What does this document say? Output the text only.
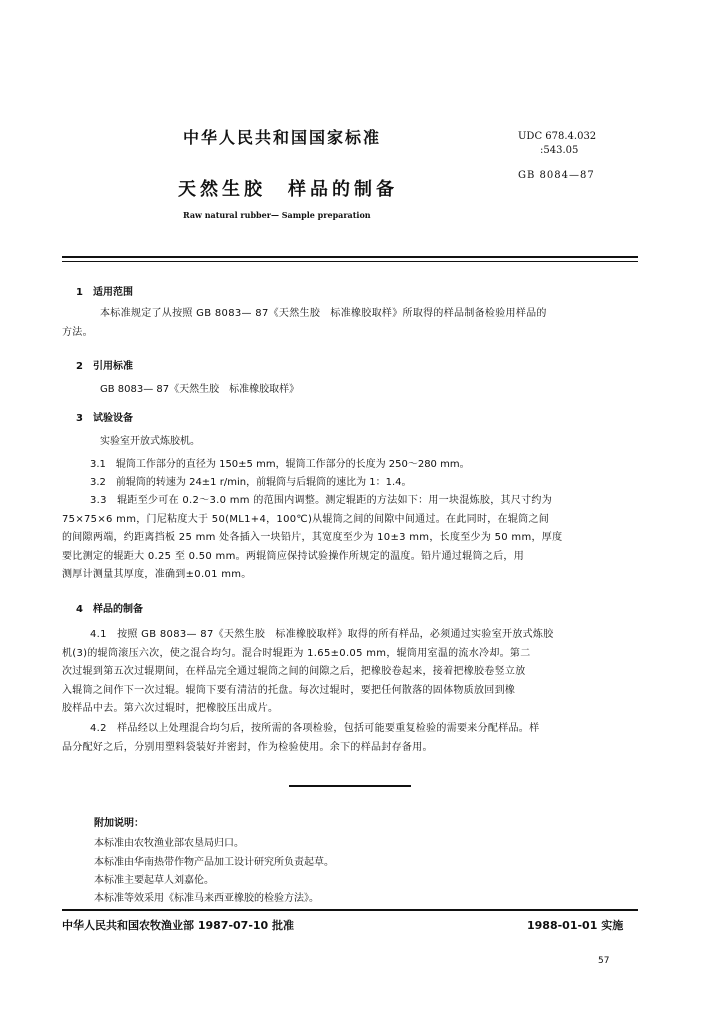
中华人民共和国国家标准	UDC 678.4.032
:543.05
GB 8084—87
天然生胶　样品的制备
Raw natural rubber— Sample preparation
1　适用范围
本标准规定了从按照 GB 8083— 87《天然生胶　标准橡胶取样》所取得的样品制备检验用样品的
方法。
2　引用标准
GB 8083— 87《天然生胶　标准橡胶取样》
3　试验设备
实验室开放式炼胶机。
3.1　辊筒工作部分的直径为 150±5 mm，辊筒工作部分的长度为 250～280 mm。
3.2　前辊筒的转速为 24±1 r/min，前辊筒与后辊筒的速比为 1：1.4。
3.3　辊距至少可在 0.2～3.0 mm 的范围内调整。测定辊距的方法如下：用一块混炼胶，其尺寸约为
75×75×6 mm，门尼粘度大于 50(ML1+4，100℃)从辊筒之间的间隙中间通过。在此同时，在辊筒之间
的间隙两端，约距离挡板 25 mm 处各插入一块铅片，其宽度至少为 10±3 mm，长度至少为 50 mm，厚度
要比测定的辊距大 0.25 至 0.50 mm。两辊筒应保持试验操作所规定的温度。铅片通过辊筒之后，用
测厚计测量其厚度，准确到±0.01 mm。
4　样品的制备
4.1　按照 GB 8083— 87《天然生胶　标准橡胶取样》取得的所有样品，必须通过实验室开放式炼胶
机(3)的辊筒滚压六次，使之混合均匀。混合时辊距为 1.65±0.05 mm，辊筒用室温的流水冷却。第二
次过辊到第五次过辊期间，在样品完全通过辊筒之间的间隙之后，把橡胶卷起来，接着把橡胶卷竖立放
入辊筒之间作下一次过辊。辊筒下要有清洁的托盘。每次过辊时，要把任何散落的固体物质放回到橡
胶样品中去。第六次过辊时，把橡胶压出成片。
4.2　样品经以上处理混合均匀后，按所需的各项检验，包括可能要重复检验的需要来分配样品。样
品分配好之后，分别用塑料袋装好并密封，作为检验使用。余下的样品封存备用。
附加说明：
本标准由农牧渔业部农垦局归口。
本标准由华南热带作物产品加工设计研究所负责起草。
本标准主要起草人刘嘉伦。
本标准等效采用《标准马来西亚橡胶的检验方法》。
中华人民共和国农牧渔业部 1987-07-10 批准	1988-01-01 实施
57
